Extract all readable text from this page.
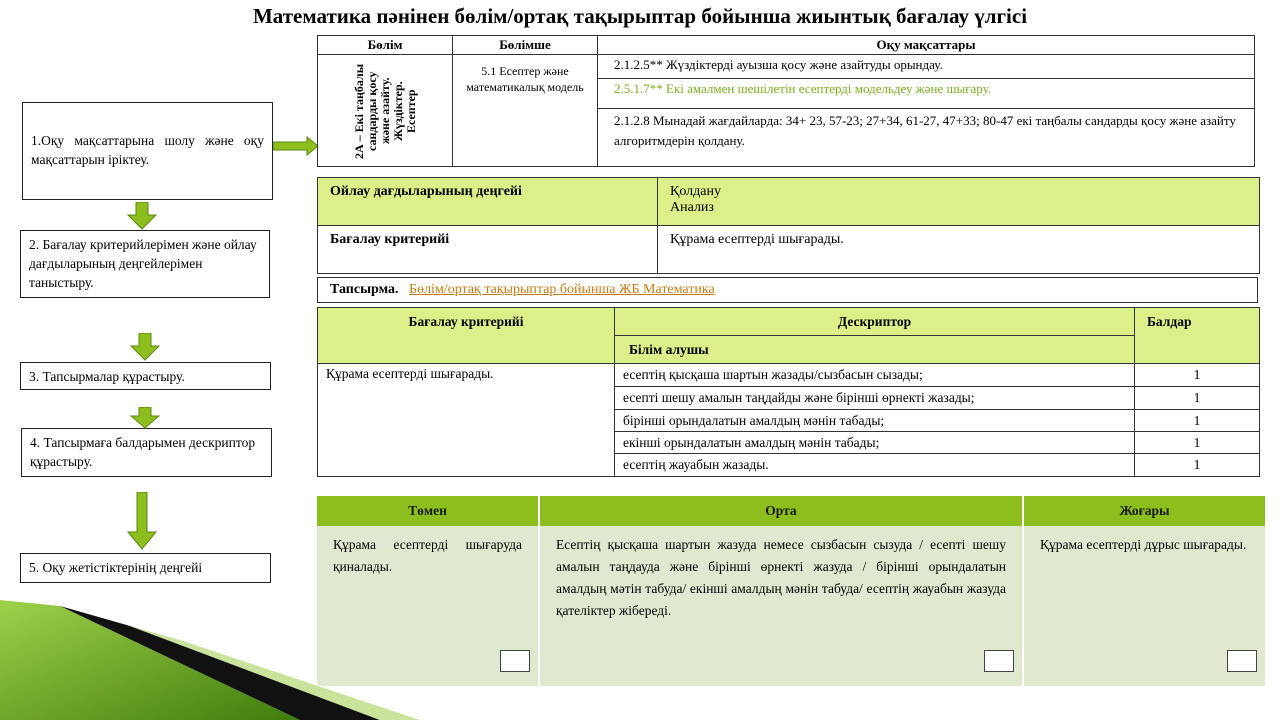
Математика пәнінен бөлім/ортақ тақырыптар бойынша жиынтық бағалау үлгісі
1.Оқу мақсаттарына шолу және оқу мақсаттарын іріктеу.
2. Бағалау критерийлерімен және ойлау дағдыларының деңгейлерімен таныстыру.
3. Тапсырмалар құрастыру.
4. Тапсырмаға балдарымен дескриптор құрастыру.
5. Оқу жетістіктерінің деңгейі
Бөлім	Бөлімше	Оқу мақсаттары

2А – Екі таңбалы сандарды қосу және азайту. Жүздіктер. Есептер	5.1 Есептер және математикалық модель	2.1.2.5** Жүздіктерді ауызша қосу және азайтуды орындау.
		2.5.1.7** Екі амалмен шешілетін есептерді модельдеу және шығару.
		2.1.2.8 Мынадай жағдайларда: 34+ 23, 57-23; 27+34, 61-27, 47+33; 80-47 екі таңбалы сандарды қосу және азайту алгоритмдерін қолдану.
Ойлау дағдыларының деңгейі	Қолдану
Анализ

Бағалау критерийі	Құрама есептерді шығарады.
Тапсырма. Бөлім/ортақ тақырыптар бойынша ЖБ Математика
Бағалау критерийі	Дескриптор	Балдар
	Білім алушы	
Құрама есептерді шығарады.	есептің қысқаша шартын жазады/сызбасын сызады;	1
	есепті шешу амалын таңдайды және бірінші өрнекті жазады;	1
	бірінші орындалатын амалдың мәнін табады;	1
	екінші орындалатын амалдың мәнін табады;	1
	есептің жауабын жазады.	1
Төмен
Құрама есептерді шығаруда қиналады.
Орта
Есептің қысқаша шартын жазуда немесе сызбасын сызуда / есепті шешу амалын таңдауда және бірінші өрнекті жазуда / бірінші орындалатын амалдың мәтін табуда/ екінші амалдың мәнін табуда/ есептің жауабын жазуда қателіктер жібереді.
Жоғары
Құрама есептерді дұрыс шығарады.
